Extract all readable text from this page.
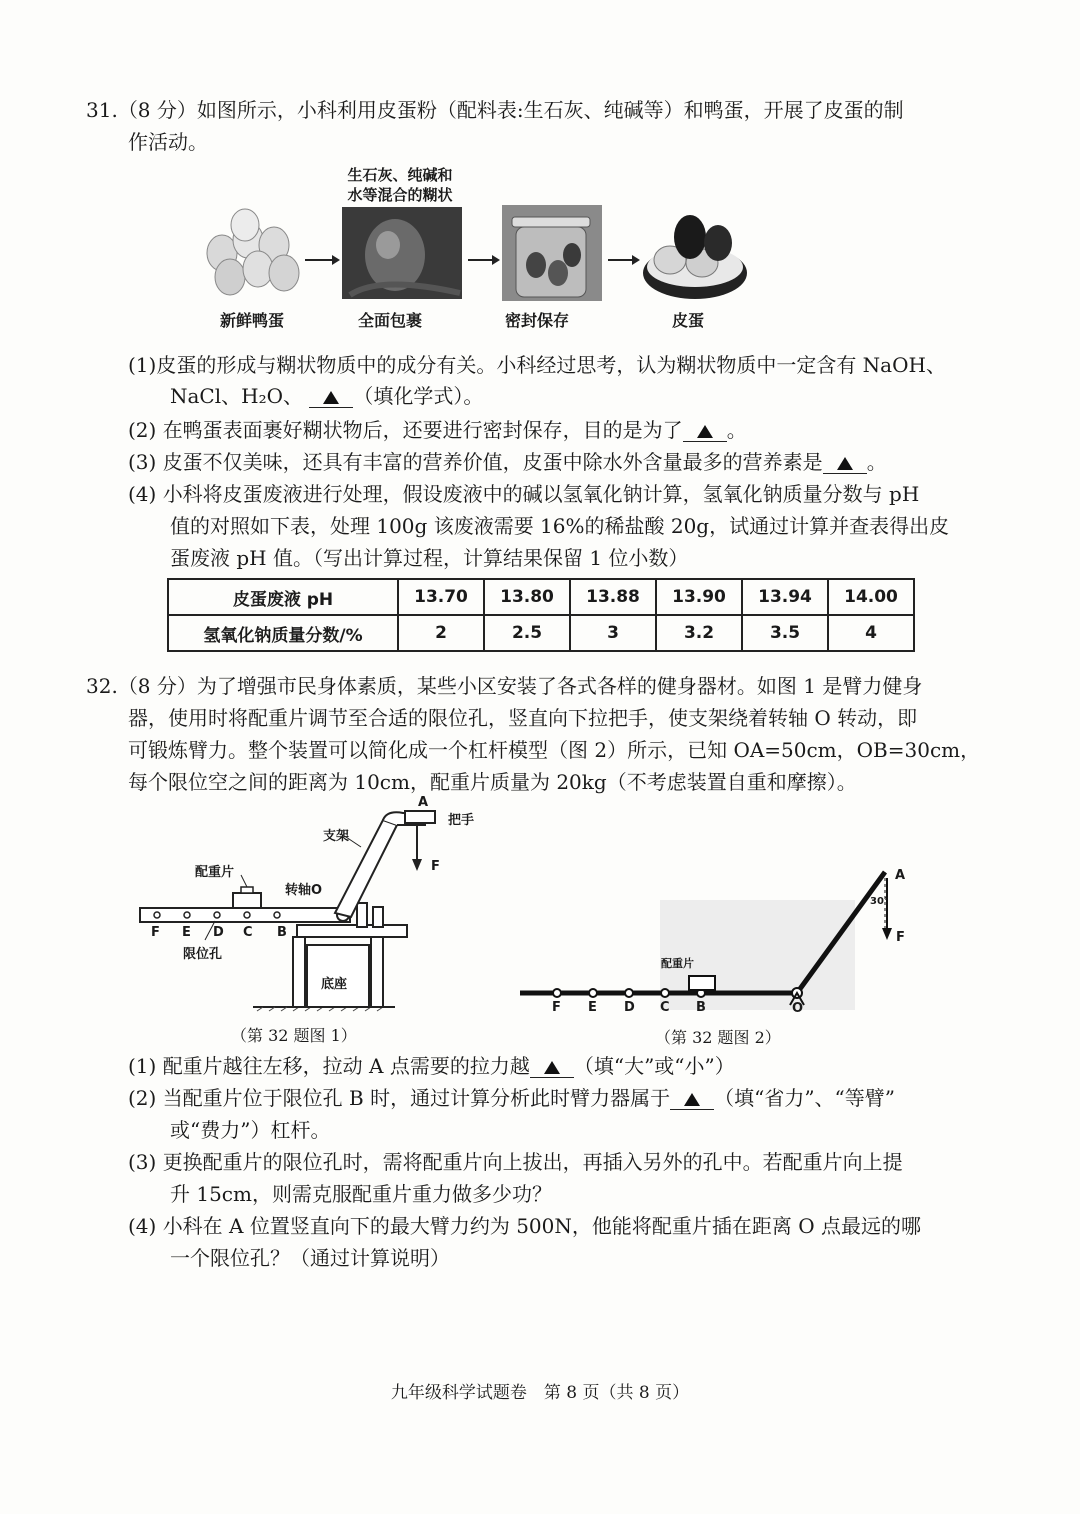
31.（8 分）如图所示，小科利用皮蛋粉（配料表:生石灰、纯碱等）和鸭蛋，开展了皮蛋的制
作活动。
生石灰、纯碱和
水等混合的糊状
新鲜鸭蛋	全面包裹	密封保存	皮蛋
(1)皮蛋的形成与糊状物质中的成分有关。小科经过思考，认为糊状物质中一定含有 NaOH、
NaCl、H₂O、	（填化学式）。
(2) 在鸭蛋表面裹好糊状物后，还要进行密封保存，目的是为了 。
(3) 皮蛋不仅美味，还具有丰富的营养价值，皮蛋中除水外含量最多的营养素是 。
(4) 小科将皮蛋废液进行处理，假设废液中的碱以氢氧化钠计算，氢氧化钠质量分数与 pH
值的对照如下表，处理 100g 该废液需要 16%的稀盐酸 20g，试通过计算并查表得出皮
蛋废液 pH 值。（写出计算过程，计算结果保留 1 位小数）
皮蛋废液 pH	13.70	13.80	13.88	13.90	13.94	14.00
氢氧化钠质量分数/%	2	2.5	3	3.2	3.5	4
32.（8 分）为了增强市民身体素质，某些小区安装了各式各样的健身器材。如图 1 是臂力健身
器，使用时将配重片调节至合适的限位孔，竖直向下拉把手，使支架绕着转轴 O 转动，即
可锻炼臂力。整个装置可以简化成一个杠杆模型（图 2）所示，已知 OA=50cm，OB=30cm，
每个限位空之间的距离为 10cm，配重片质量为 20kg（不考虑装置自重和摩擦）。
A
把手
支架
F
配重片
转轴O
F E D C B
限位孔
底座
（第 32 题图 1）
A
30°
F
配重片
F E D C B	O
（第 32 题图 2）
(1) 配重片越往左移，拉动 A 点需要的拉力越 （填“大”或“小”）
(2) 当配重片位于限位孔 B 时，通过计算分析此时臂力器属于 （填“省力”、“等臂”
或“费力”）杠杆。
(3) 更换配重片的限位孔时，需将配重片向上拔出，再插入另外的孔中。若配重片向上提
升 15cm，则需克服配重片重力做多少功？
(4) 小科在 A 位置竖直向下的最大臂力约为 500N，他能将配重片插在距离 O 点最远的哪
一个限位孔？（通过计算说明）
九年级科学试题卷　第 8 页（共 8 页）
